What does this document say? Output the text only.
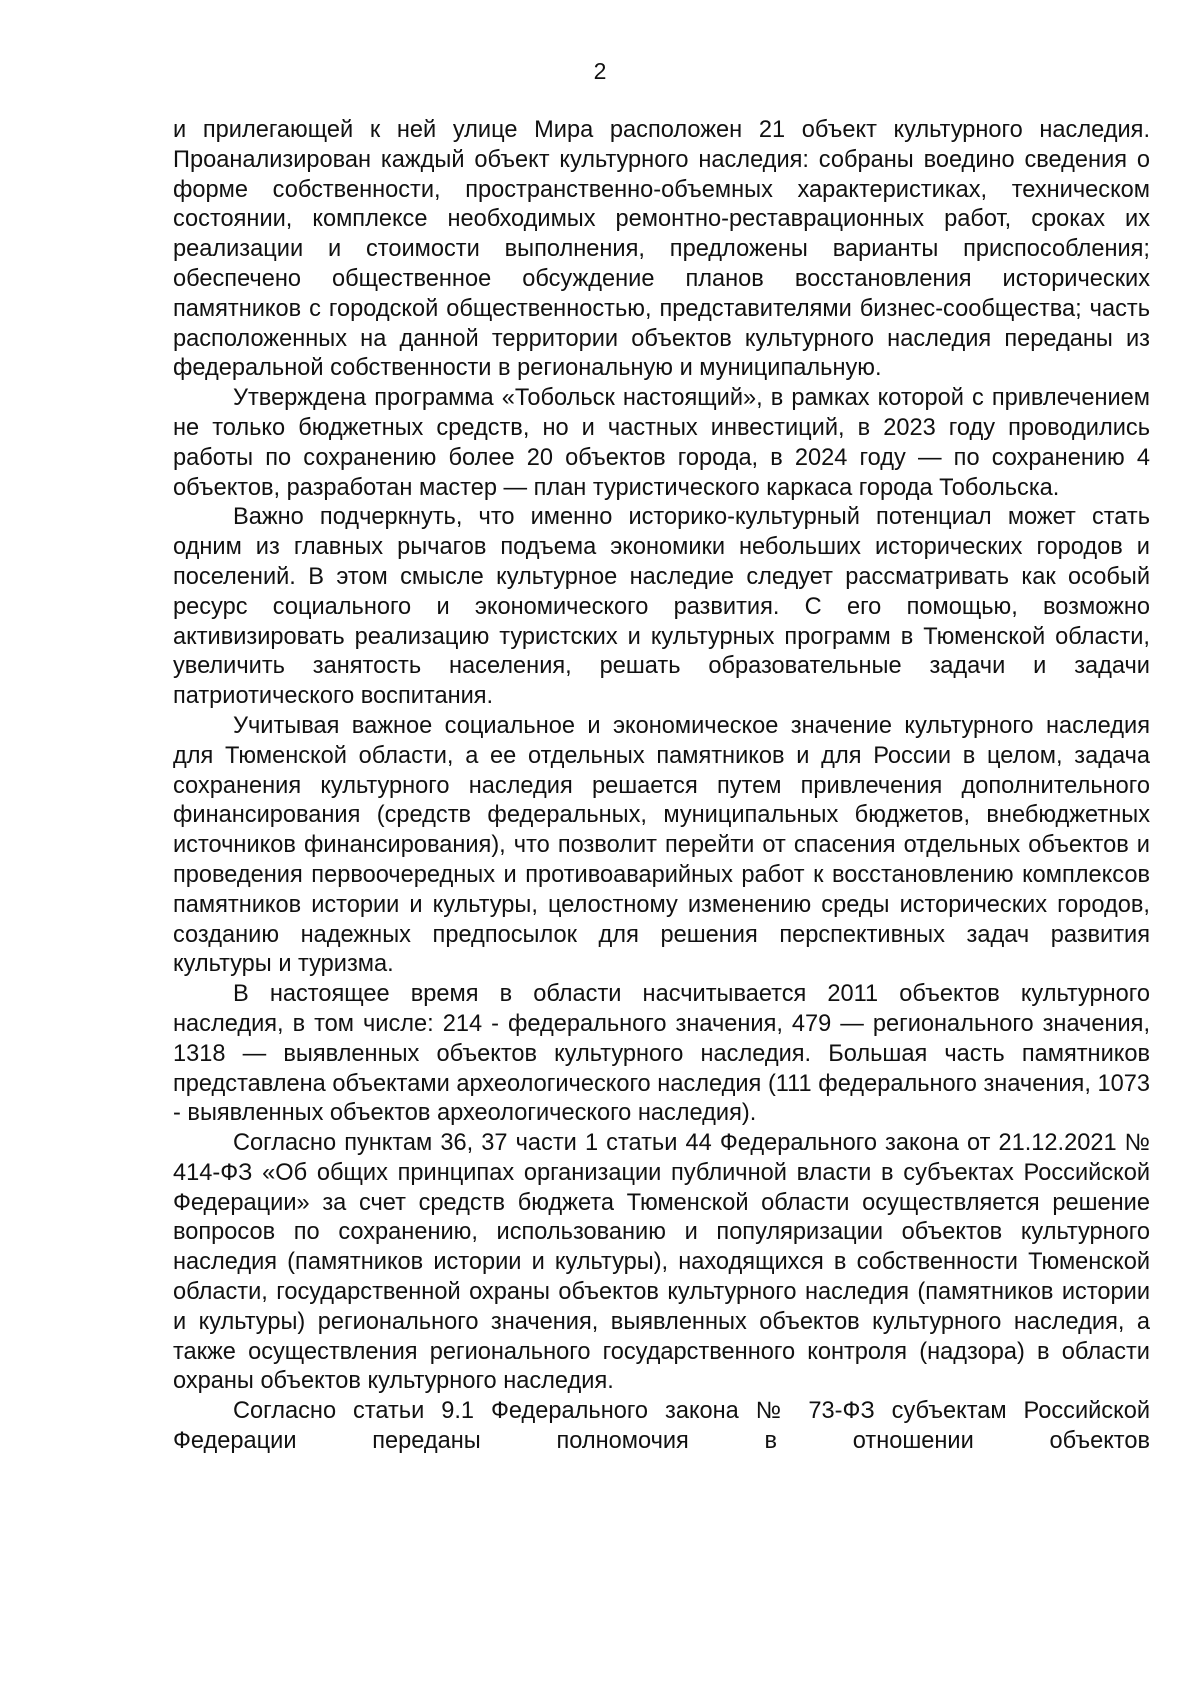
2

и прилегающей к ней улице Мира расположен 21 объект культурного наследия. Проанализирован каждый объект культурного наследия: собраны воедино сведения о форме собственности, пространственно-объемных характеристиках, техническом состоянии, комплексе необходимых ремонтно-реставрационных работ, сроках их реализации и стоимости выполнения, предложены варианты приспособления; обеспечено общественное обсуждение планов восстановления исторических памятников с городской общественностью, представителями бизнес-сообщества; часть расположенных на данной территории объектов культурного наследия переданы из федеральной собственности в региональную и муниципальную.

Утверждена программа «Тобольск настоящий», в рамках которой с привлечением не только бюджетных средств, но и частных инвестиций, в 2023 году проводились работы по сохранению более 20 объектов города, в 2024 году — по сохранению 4 объектов, разработан мастер — план туристического каркаса города Тобольска.

Важно подчеркнуть, что именно историко-культурный потенциал может стать одним из главных рычагов подъема экономики небольших исторических городов и поселений. В этом смысле культурное наследие следует рассматривать как особый ресурс социального и экономического развития. С его помощью, возможно активизировать реализацию туристских и культурных программ в Тюменской области, увеличить занятость населения, решать образовательные задачи и задачи патриотического воспитания.

Учитывая важное социальное и экономическое значение культурного наследия для Тюменской области, а ее отдельных памятников и для России в целом, задача сохранения культурного наследия решается путем привлечения дополнительного финансирования (средств федеральных, муниципальных бюджетов, внебюджетных источников финансирования), что позволит перейти от спасения отдельных объектов и проведения первоочередных и противоаварийных работ к восстановлению комплексов памятников истории и культуры, целостному изменению среды исторических городов, созданию надежных предпосылок для решения перспективных задач развития культуры и туризма.

В настоящее время в области насчитывается 2011 объектов культурного наследия, в том числе: 214 - федерального значения, 479 — регионального значения, 1318 — выявленных объектов культурного наследия. Большая часть памятников представлена объектами археологического наследия (111 федерального значения, 1073 - выявленных объектов археологического наследия).

Согласно пунктам 36, 37 части 1 статьи 44 Федерального закона от 21.12.2021 № 414-ФЗ «Об общих принципах организации публичной власти в субъектах Российской Федерации» за счет средств бюджета Тюменской области осуществляется решение вопросов по сохранению, использованию и популяризации объектов культурного наследия (памятников истории и культуры), находящихся в собственности Тюменской области, государственной охраны объектов культурного наследия (памятников истории и культуры) регионального значения, выявленных объектов культурного наследия, а также осуществления регионального государственного контроля (надзора) в области охраны объектов культурного наследия.

Согласно статьи 9.1 Федерального закона № 73-ФЗ субъектам Российской Федерации переданы полномочия в отношении объектов
